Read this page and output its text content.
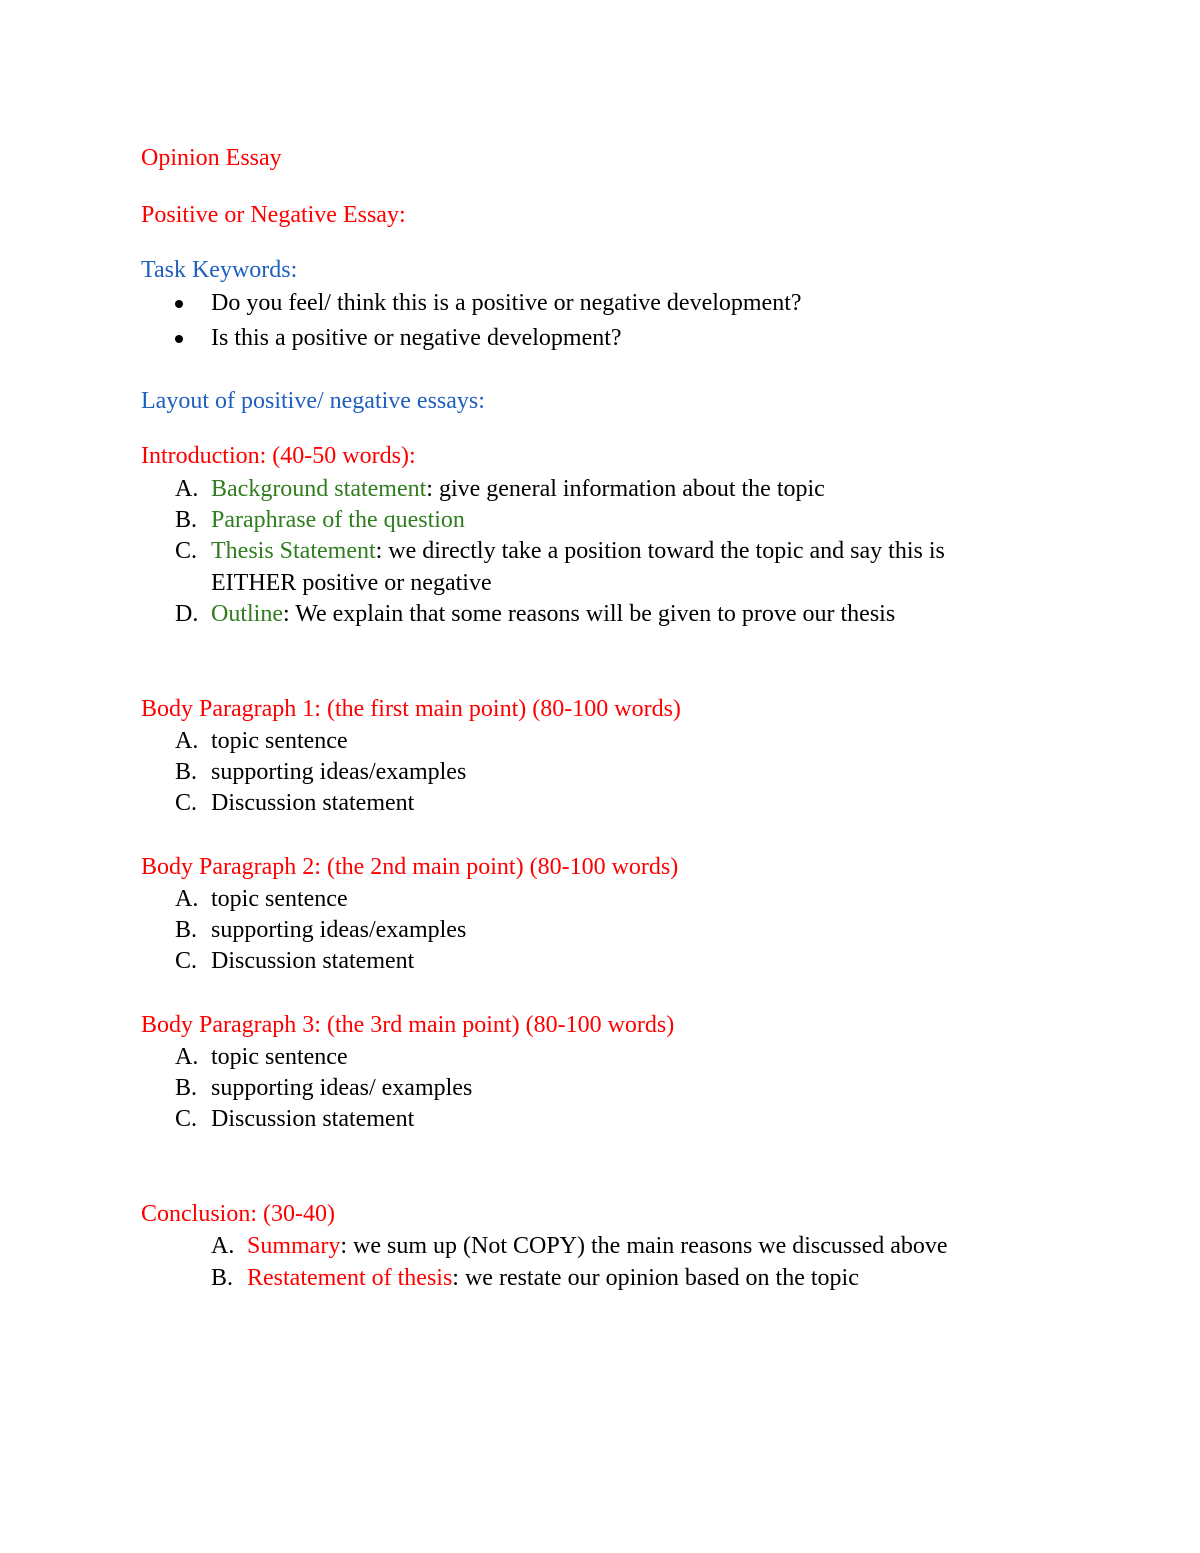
Opinion Essay

Positive or Negative Essay:

Task Keywords:

Do you feel/ think this is a positive or negative development?

Is this a positive or negative development?

Layout of positive/ negative essays:

Introduction: (40-50 words):

A. Background statement: give general information about the topic

B. Paraphrase of the question

C. Thesis Statement: we directly take a position toward the topic and say this is

EITHER positive or negative

D. Outline: We explain that some reasons will be given to prove our thesis

Body Paragraph 1: (the first main point) (80-100 words)

A. topic sentence

B. supporting ideas/examples

C. Discussion statement

Body Paragraph 2: (the 2nd main point) (80-100 words)

A. topic sentence

B. supporting ideas/examples

C. Discussion statement

Body Paragraph 3: (the 3rd main point) (80-100 words)

A. topic sentence

B. supporting ideas/ examples

C. Discussion statement

Conclusion: (30-40)

A. Summary: we sum up (Not COPY) the main reasons we discussed above

B. Restatement of thesis: we restate our opinion based on the topic
